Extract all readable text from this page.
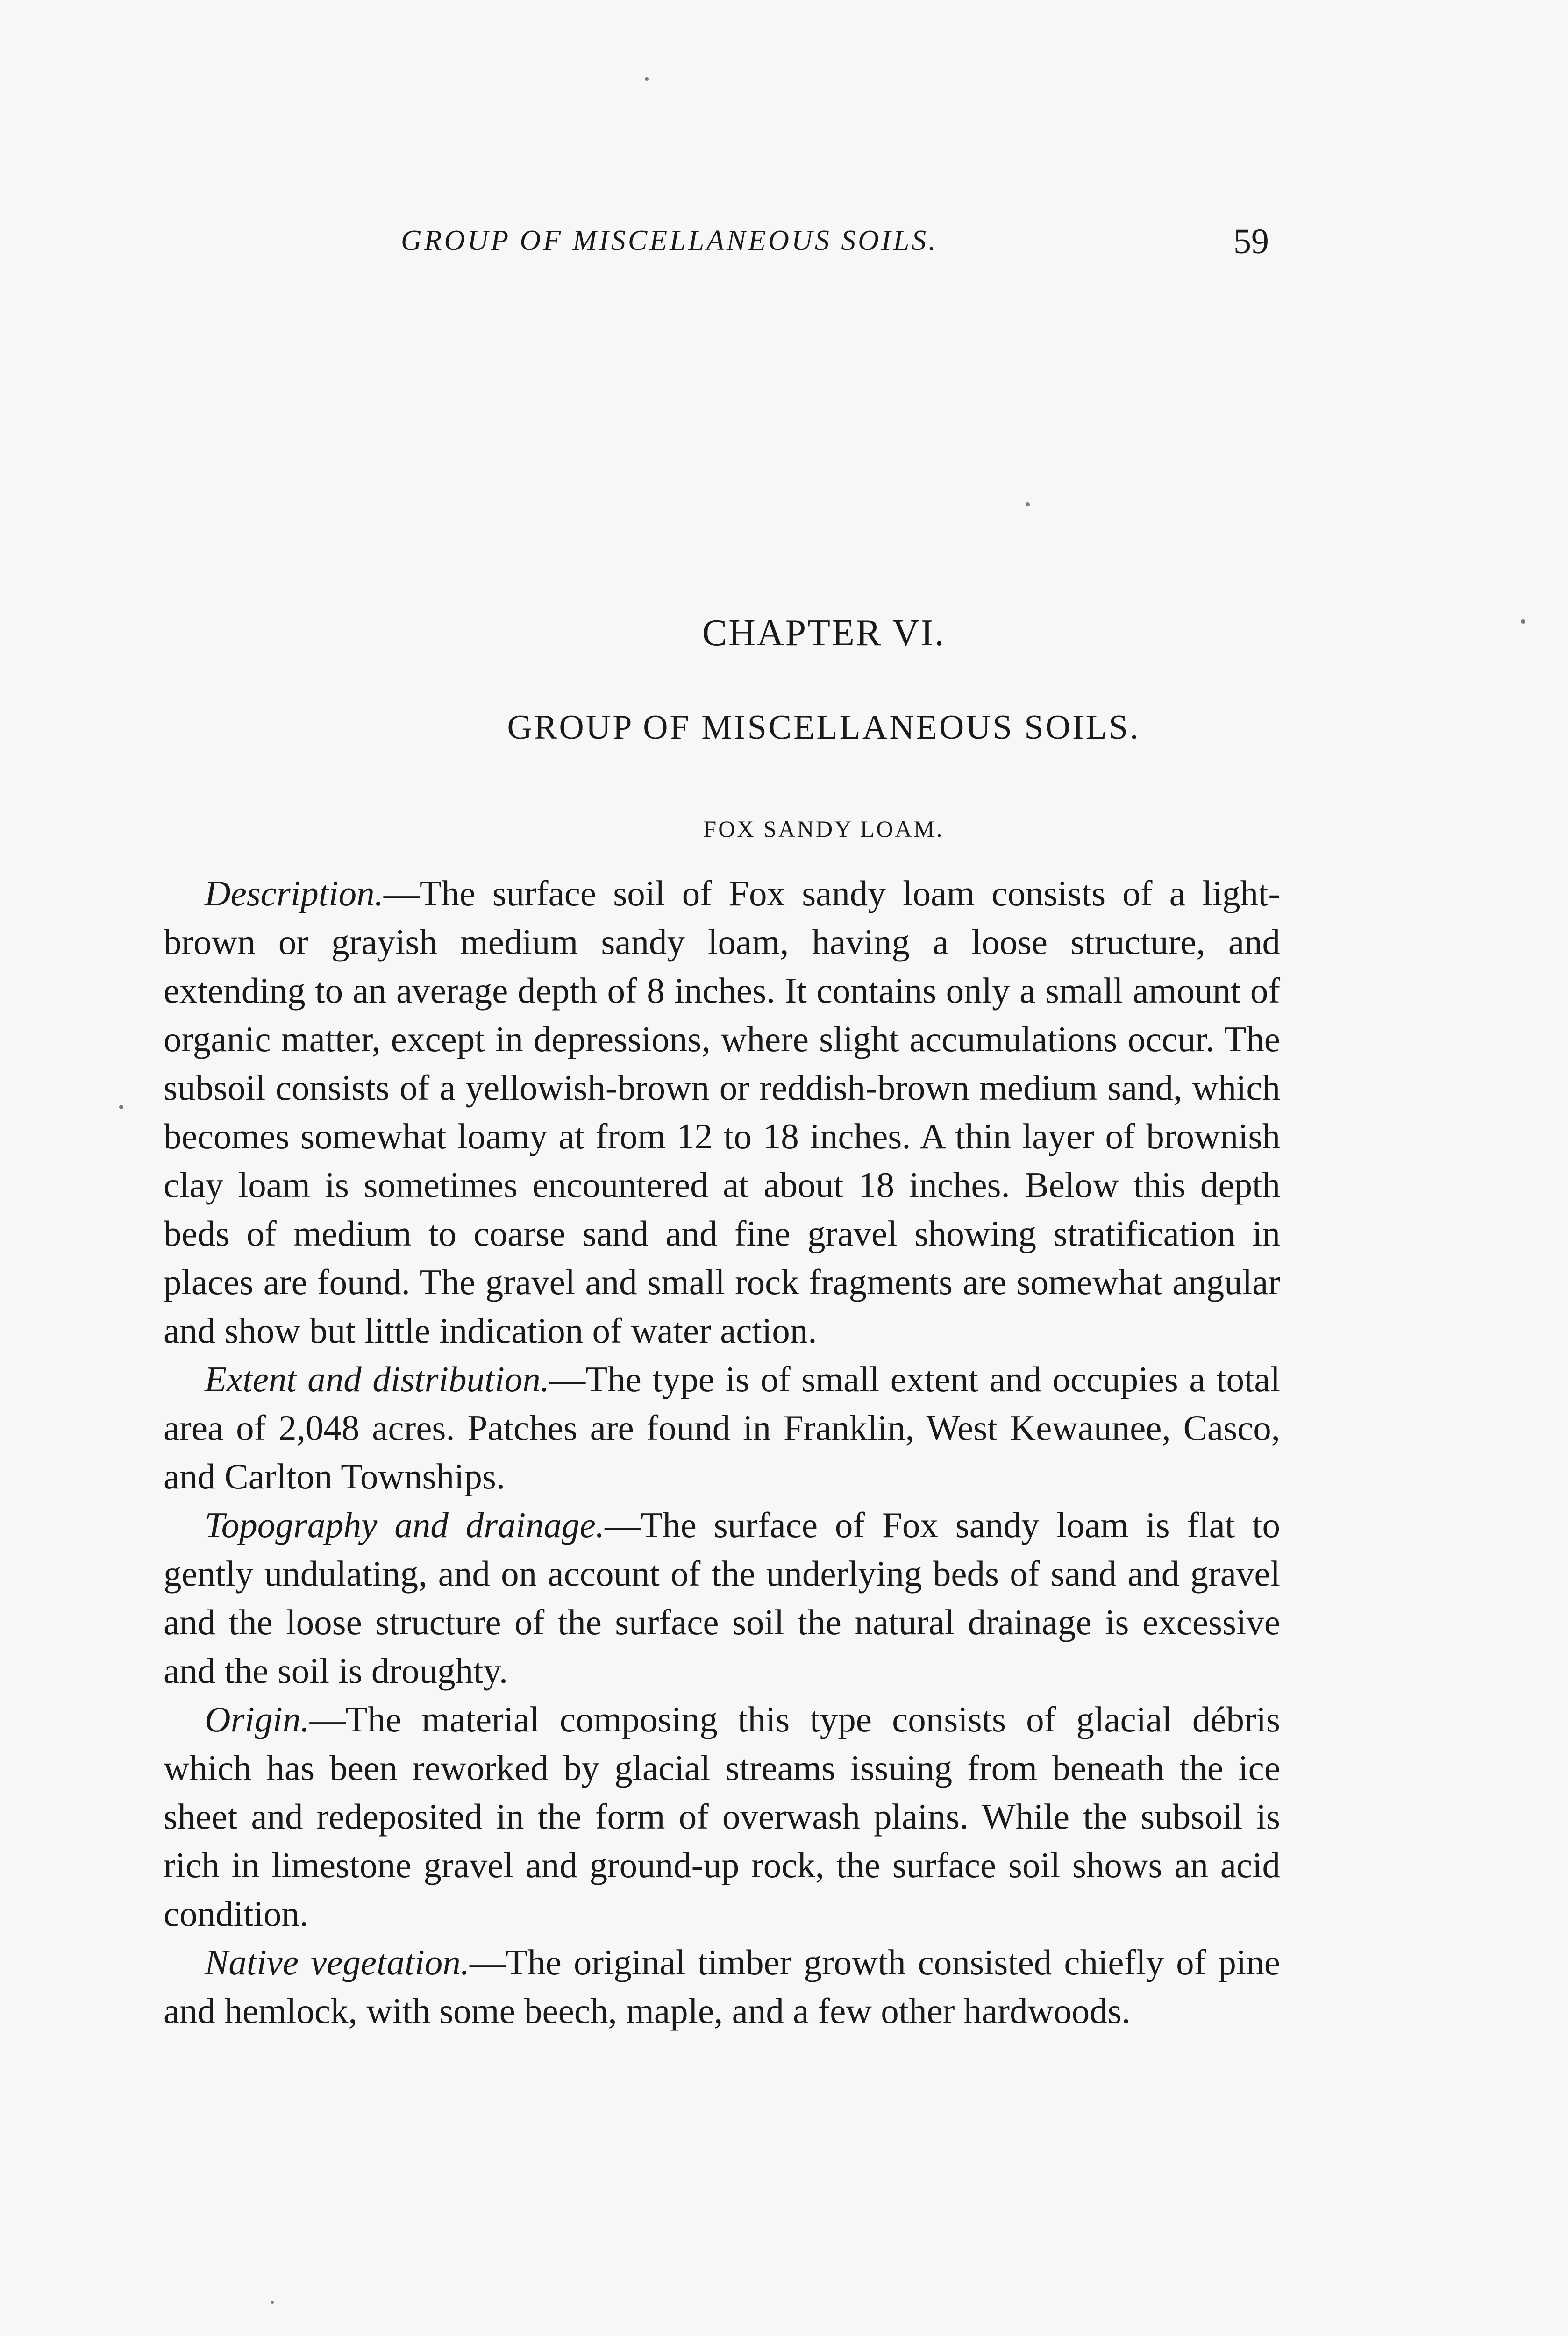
GROUP OF MISCELLANEOUS SOILS.	59
CHAPTER VI.
GROUP OF MISCELLANEOUS SOILS.
FOX SANDY LOAM.

Description.—The surface soil of Fox sandy loam consists of a light-brown or grayish medium sandy loam, having a loose structure, and extending to an average depth of 8 inches. It contains only a small amount of organic matter, except in depressions, where slight accumulations occur. The subsoil consists of a yellowish-brown or reddish-brown medium sand, which becomes somewhat loamy at from 12 to 18 inches. A thin layer of brownish clay loam is sometimes encountered at about 18 inches. Below this depth beds of medium to coarse sand and fine gravel showing stratification in places are found. The gravel and small rock fragments are somewhat angular and show but little indication of water action.

Extent and distribution.—The type is of small extent and occupies a total area of 2,048 acres. Patches are found in Franklin, West Kewaunee, Casco, and Carlton Townships.

Topography and drainage.—The surface of Fox sandy loam is flat to gently undulating, and on account of the underlying beds of sand and gravel and the loose structure of the surface soil the natural drainage is excessive and the soil is droughty.

Origin.—The material composing this type consists of glacial débris which has been reworked by glacial streams issuing from beneath the ice sheet and redeposited in the form of overwash plains. While the subsoil is rich in limestone gravel and ground-up rock, the surface soil shows an acid condition.

Native vegetation.—The original timber growth consisted chiefly of pine and hemlock, with some beech, maple, and a few other hardwoods.
